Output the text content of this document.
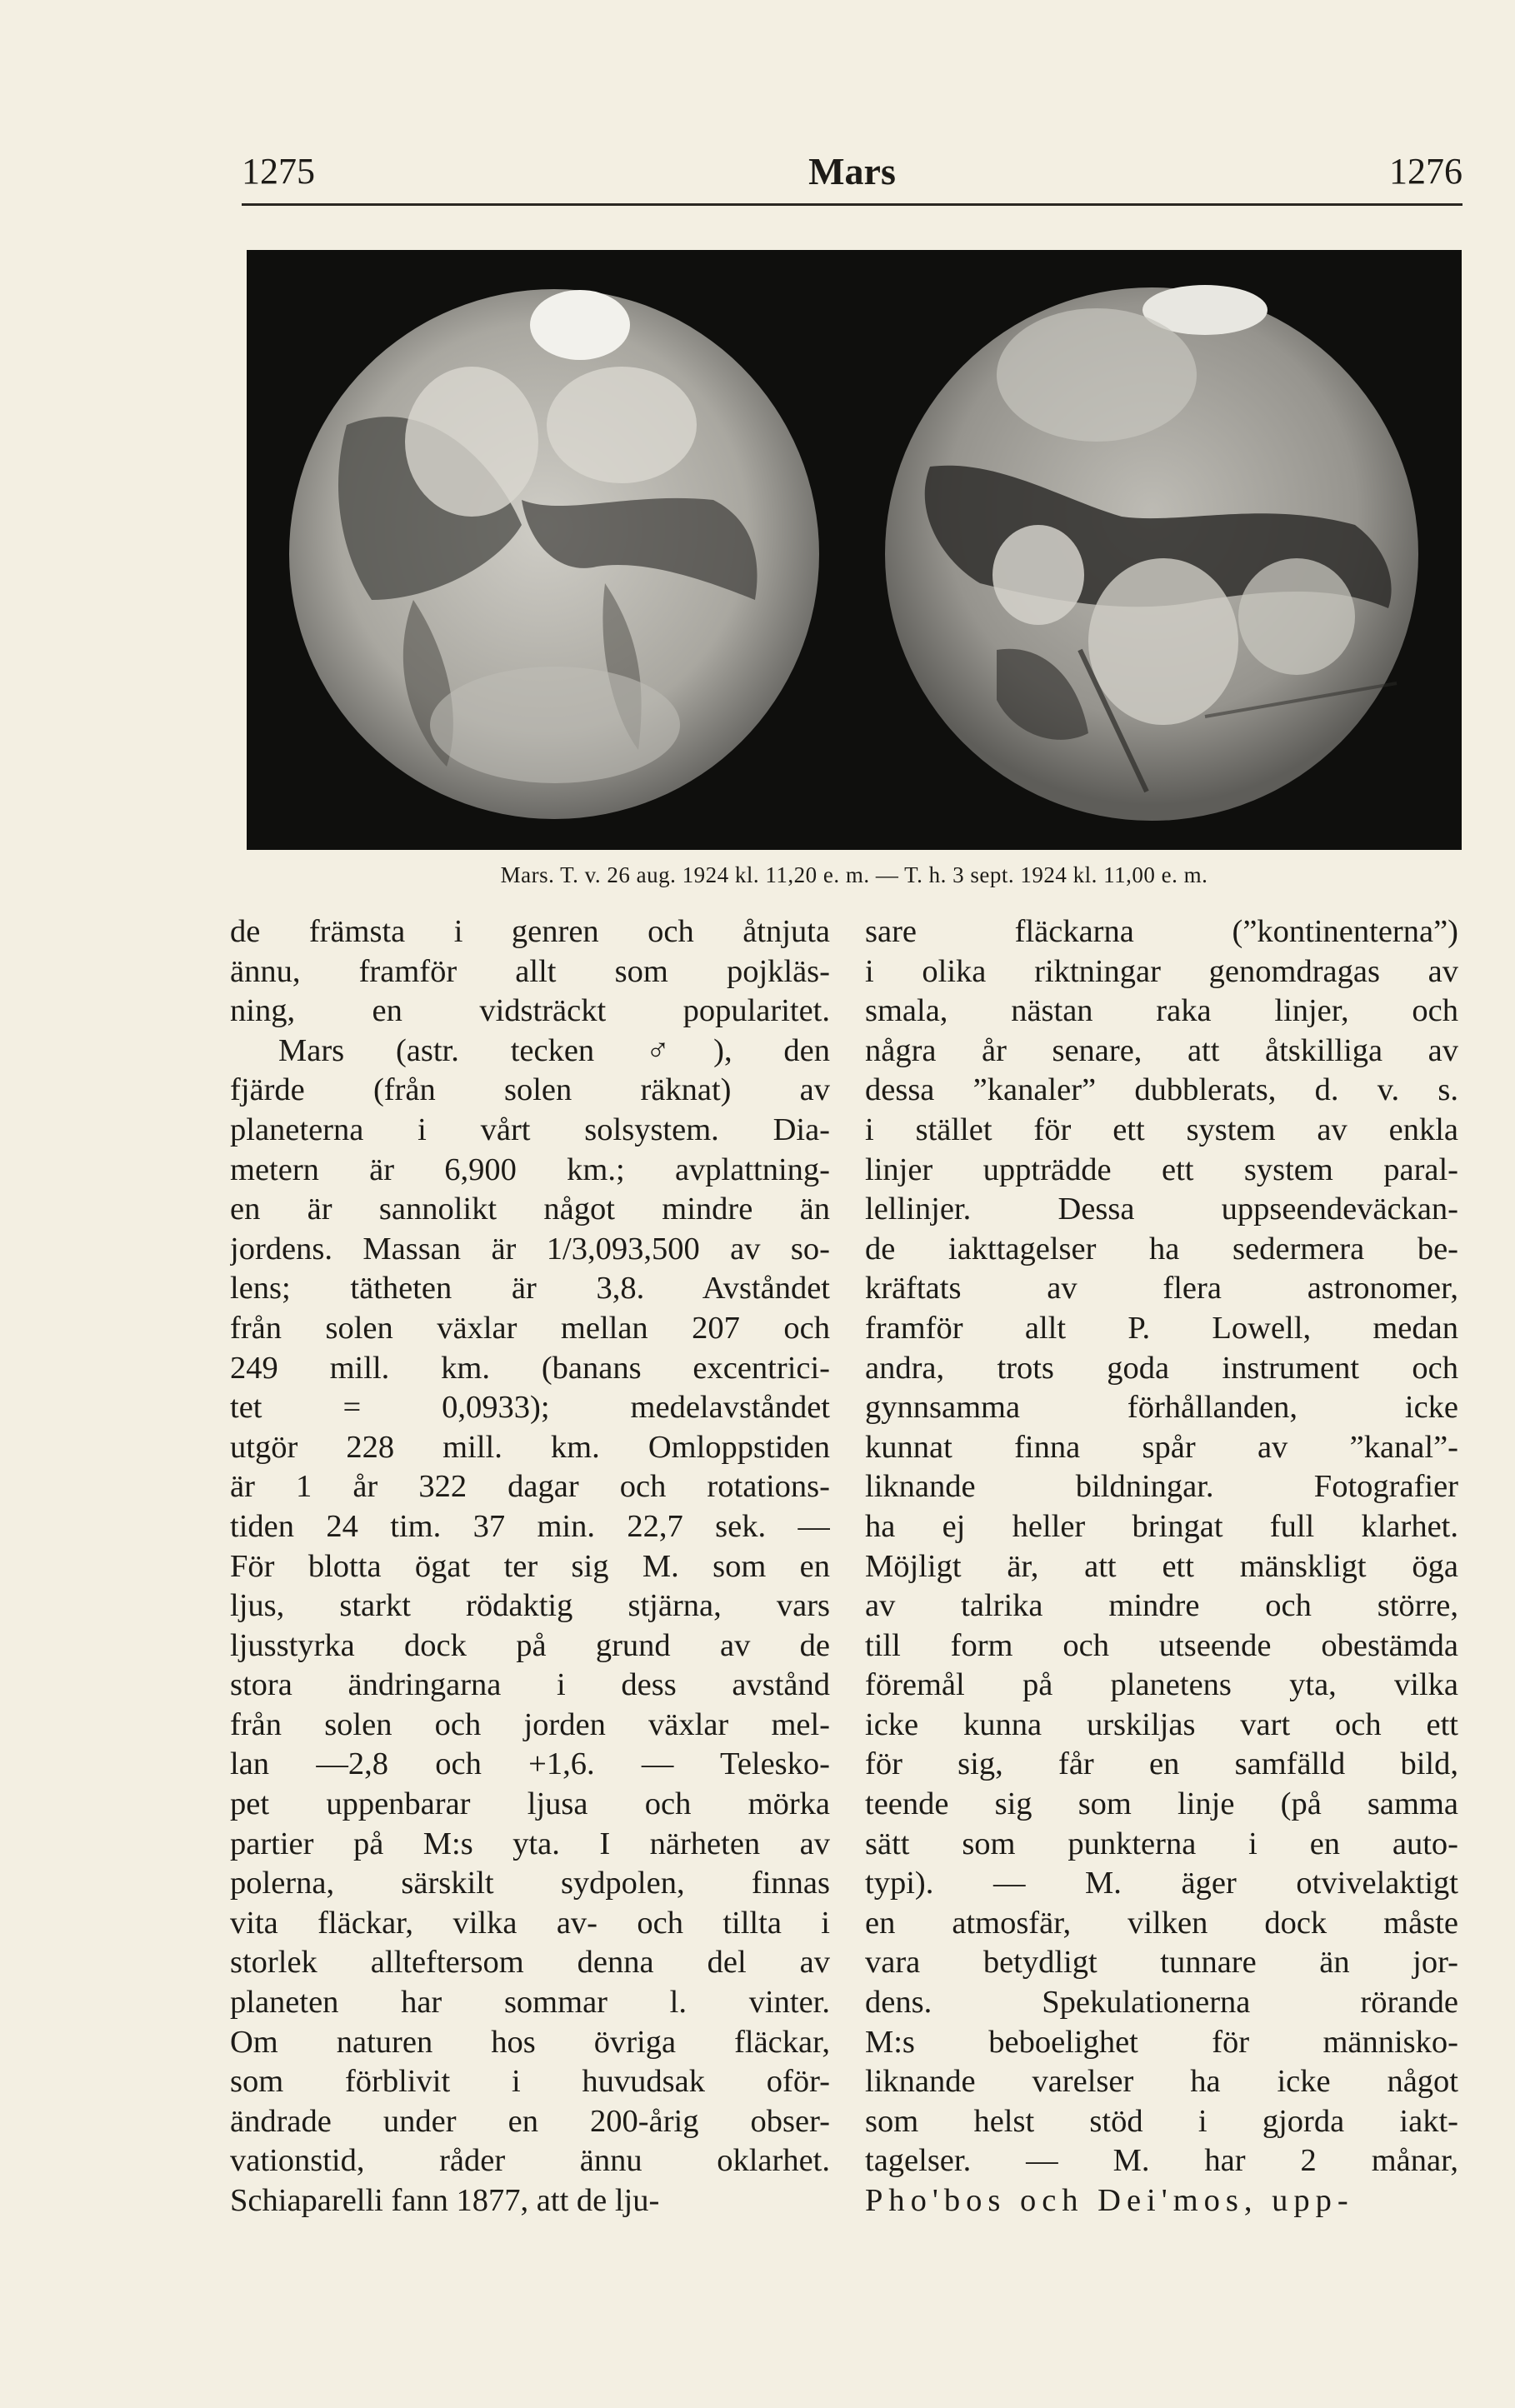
1275	Mars	1276
Mars. T. v. 26 aug. 1924 kl. 11,20 e. m. — T. h. 3 sept. 1924 kl. 11,00 e. m.
de främsta i genren och åtnjuta
ännu, framför allt som pojkläs-
ning, en vidsträckt popularitet.
Mars (astr. tecken ♂), den
fjärde (från solen räknat) av
planeterna i vårt solsystem. Dia-
metern är 6,900 km.; avplattning-
en är sannolikt något mindre än
jordens. Massan är 1/3,093,500 av so-
lens; tätheten är 3,8. Avståndet
från solen växlar mellan 207 och
249 mill. km. (banans excentrici-
tet = 0,0933); medelavståndet
utgör 228 mill. km. Omloppstiden
är 1 år 322 dagar och rotations-
tiden 24 tim. 37 min. 22,7 sek. —
För blotta ögat ter sig M. som en
ljus, starkt rödaktig stjärna, vars
ljusstyrka dock på grund av de
stora ändringarna i dess avstånd
från solen och jorden växlar mel-
lan —2,8 och +1,6. — Telesko-
pet uppenbarar ljusa och mörka
partier på M:s yta. I närheten av
polerna, särskilt sydpolen, finnas
vita fläckar, vilka av- och tillta i
storlek allteftersom denna del av
planeten har sommar l. vinter.
Om naturen hos övriga fläckar,
som förblivit i huvudsak oför-
ändrade under en 200-årig obser-
vationstid, råder ännu oklarhet.
Schiaparelli fann 1877, att de lju-
sare fläckarna (”kontinenterna”)
i olika riktningar genomdragas av
smala, nästan raka linjer, och
några år senare, att åtskilliga av
dessa ”kanaler” dubblerats, d. v. s.
i stället för ett system av enkla
linjer uppträdde ett system paral-
lellinjer. Dessa uppseendeväckan-
de iakttagelser ha sedermera be-
kräftats av flera astronomer,
framför allt P. Lowell, medan
andra, trots goda instrument och
gynnsamma förhållanden, icke
kunnat finna spår av ”kanal”-
liknande bildningar. Fotografier
ha ej heller bringat full klarhet.
Möjligt är, att ett mänskligt öga
av talrika mindre och större,
till form och utseende obestämda
föremål på planetens yta, vilka
icke kunna urskiljas vart och ett
för sig, får en samfälld bild,
teende sig som linje (på samma
sätt som punkterna i en auto-
typi). — M. äger otvivelaktigt
en atmosfär, vilken dock måste
vara betydligt tunnare än jor-
dens. Spekulationerna rörande
M:s beboelighet för människo-
liknande varelser ha icke något
som helst stöd i gjorda iakt-
tagelser. — M. har 2 månar,
Pho'bos och Dei'mos, upp-
